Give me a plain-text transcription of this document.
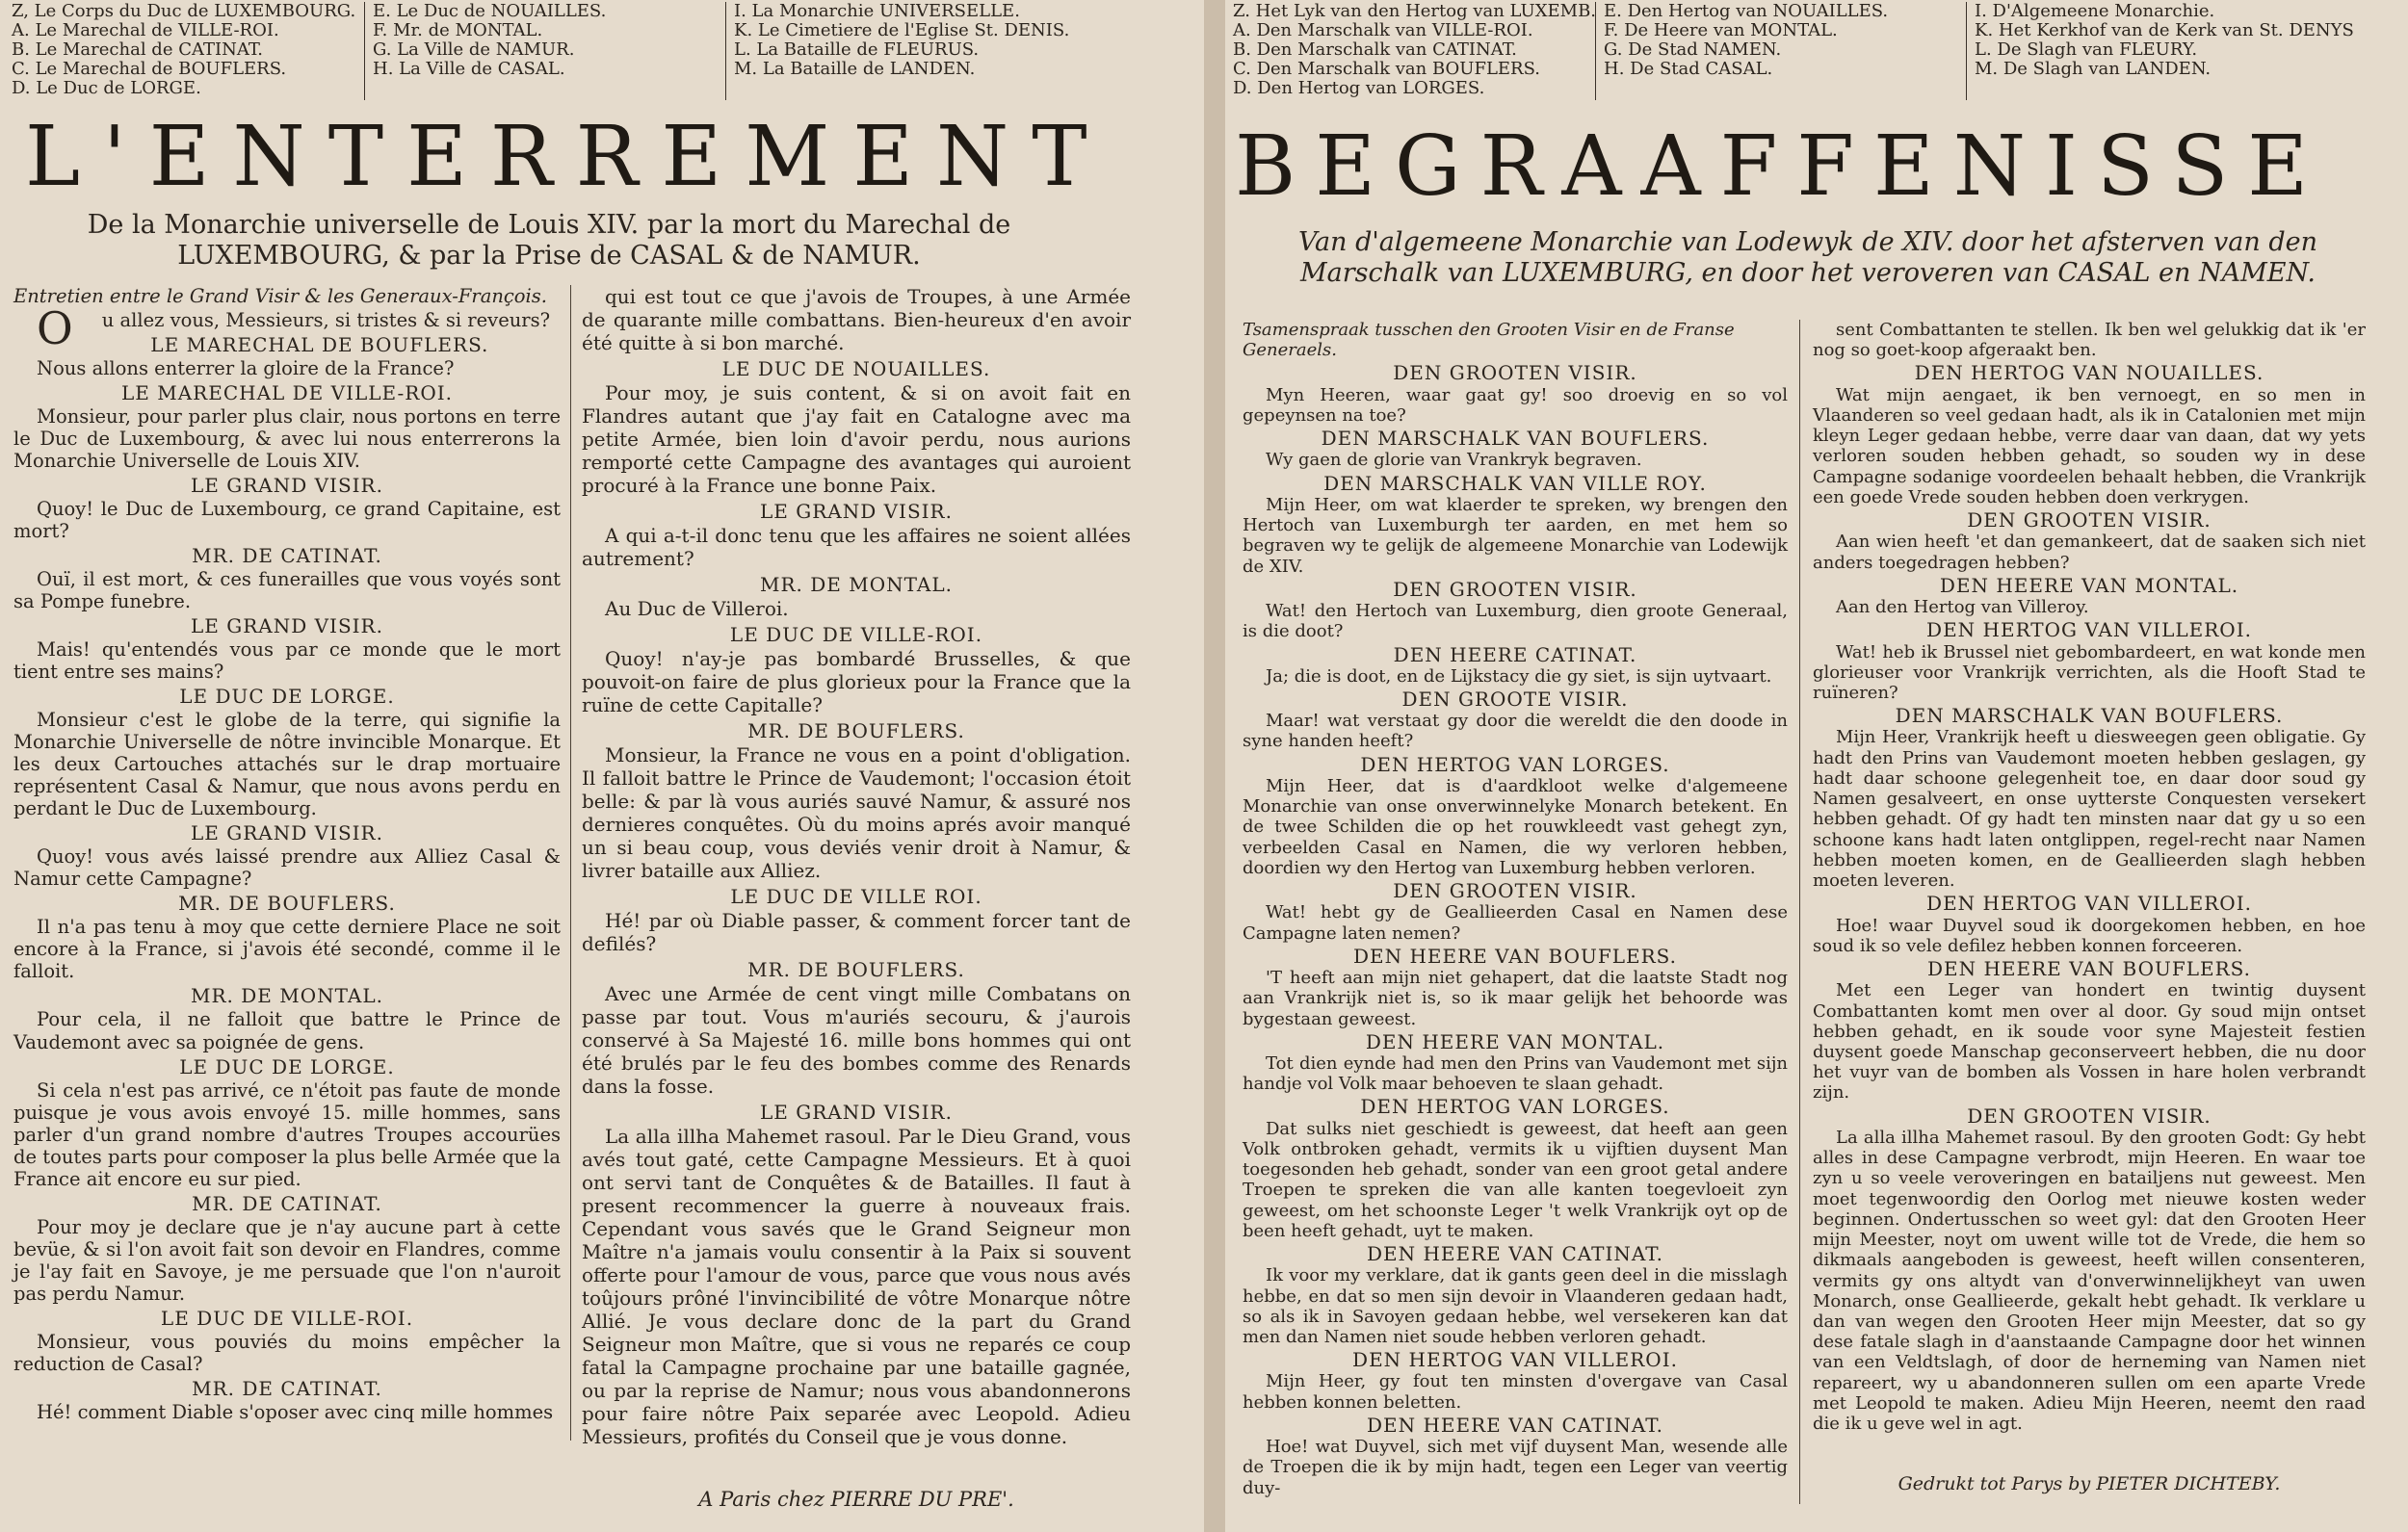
Z, Le Corps du Duc de LUXEMBOURG.
A. Le Marechal de VILLE-ROI.
B. Le Marechal de CATINAT.
C. Le Marechal de BOUFLERS.
D. Le Duc de LORGE.
E. Le Duc de NOUAILLES.
F. Mr. de MONTAL.
G. La Ville de NAMUR.
H. La Ville de CASAL.
I. La Monarchie UNIVERSELLE.
K. Le Cimetiere de l'Eglise St. DENIS.
L. La Bataille de FLEURUS.
M. La Bataille de LANDEN.
L'ENTERREMENT
De la Monarchie universelle de Louis XIV. par la mort du Marechal de
LUXEMBOURG, & par la Prise de CASAL & de NAMUR.
Entretien entre le Grand Visir & les Generaux-François.
Ou allez vous, Messieurs, si tristes & si reveurs?
LE MARECHAL DE BOUFLERS.
Nous allons enterrer la gloire de la France?
LE MARECHAL DE VILLE-ROI.
Monsieur, pour parler plus clair, nous portons en terre le Duc de Luxembourg, & avec lui nous enterrerons la Monarchie Universelle de Louis XIV.
LE GRAND VISIR.
Quoy! le Duc de Luxembourg, ce grand Capitaine, est mort?
MR. DE CATINAT.
Ouï, il est mort, & ces funerailles que vous voyés sont sa Pompe funebre.
LE GRAND VISIR.
Mais! qu'entendés vous par ce monde que le mort tient entre ses mains?
LE DUC DE LORGE.
Monsieur c'est le globe de la terre, qui signifie la Monarchie Universelle de nôtre invincible Monarque. Et les deux Cartouches attachés sur le drap mortuaire représentent Casal & Namur, que nous avons perdu en perdant le Duc de Luxembourg.
LE GRAND VISIR.
Quoy! vous avés laissé prendre aux Alliez Casal & Namur cette Campagne?
MR. DE BOUFLERS.
Il n'a pas tenu à moy que cette derniere Place ne soit encore à la France, si j'avois été secondé, comme il le falloit.
MR. DE MONTAL.
Pour cela, il ne falloit que battre le Prince de Vaudemont avec sa poignée de gens.
LE DUC DE LORGE.
Si cela n'est pas arrivé, ce n'étoit pas faute de monde puisque je vous avois envoyé 15. mille hommes, sans parler d'un grand nombre d'autres Troupes accourües de toutes parts pour composer la plus belle Armée que la France ait encore eu sur pied.
MR. DE CATINAT.
Pour moy je declare que je n'ay aucune part à cette bevüe, & si l'on avoit fait son devoir en Flandres, comme je l'ay fait en Savoye, je me persuade que l'on n'auroit pas perdu Namur.
LE DUC DE VILLE-ROI.
Monsieur, vous pouviés du moins empêcher la reduction de Casal?
MR. DE CATINAT.
Hé! comment Diable s'oposer avec cinq mille hommes
qui est tout ce que j'avois de Troupes, à une Armée de quarante mille combattans. Bien-heureux d'en avoir été quitte à si bon marché.
LE DUC DE NOUAILLES.
Pour moy, je suis content, & si on avoit fait en Flandres autant que j'ay fait en Catalogne avec ma petite Armée, bien loin d'avoir perdu, nous aurions remporté cette Campagne des avantages qui auroient procuré à la France une bonne Paix.
LE GRAND VISIR.
A qui a-t-il donc tenu que les affaires ne soient allées autrement?
MR. DE MONTAL.
Au Duc de Villeroi.
LE DUC DE VILLE-ROI.
Quoy! n'ay-je pas bombardé Brusselles, & que pouvoit-on faire de plus glorieux pour la France que la ruïne de cette Capitalle?
MR. DE BOUFLERS.
Monsieur, la France ne vous en a point d'obligation. Il falloit battre le Prince de Vaudemont; l'occasion étoit belle: & par là vous auriés sauvé Namur, & assuré nos dernieres conquêtes. Où du moins aprés avoir manqué un si beau coup, vous deviés venir droit à Namur, & livrer bataille aux Alliez.
LE DUC DE VILLE ROI.
Hé! par où Diable passer, & comment forcer tant de defilés?
MR. DE BOUFLERS.
Avec une Armée de cent vingt mille Combatans on passe par tout. Vous m'auriés secouru, & j'aurois conservé à Sa Majesté 16. mille bons hommes qui ont été brulés par le feu des bombes comme des Renards dans la fosse.
LE GRAND VISIR.
La alla illha Mahemet rasoul. Par le Dieu Grand, vous avés tout gaté, cette Campagne Messieurs. Et à quoi ont servi tant de Conquêtes & de Batailles. Il faut à present recommencer la guerre à nouveaux frais. Cependant vous savés que le Grand Seigneur mon Maître n'a jamais voulu consentir à la Paix si souvent offerte pour l'amour de vous, parce que vous nous avés toûjours prôné l'invincibilité de vôtre Monarque nôtre Allié. Je vous declare donc de la part du Grand Seigneur mon Maître, que si vous ne reparés ce coup fatal la Campagne prochaine par une bataille gagnée, ou par la reprise de Namur; nous vous abandonnerons pour faire nôtre Paix separée avec Leopold. Adieu Messieurs, profités du Conseil que je vous donne.
A Paris chez PIERRE DU PRE'.
Z. Het Lyk van den Hertog van LUXEMB.
A. Den Marschalk van VILLE-ROI.
B. Den Marschalk van CATINAT.
C. Den Marschalk van BOUFLERS.
D. Den Hertog van LORGES.
E. Den Hertog van NOUAILLES.
F. De Heere van MONTAL.
G. De Stad NAMEN.
H. De Stad CASAL.
I. D'Algemeene Monarchie.
K. Het Kerkhof van de Kerk van St. DENYS
L. De Slagh van FLEURY.
M. De Slagh van LANDEN.
BEGRAAFFENISSE
Van d'algemeene Monarchie van Lodewyk de XIV. door het afsterven van den
Marschalk van LUXEMBURG, en door het veroveren van CASAL en NAMEN.
Tsamenspraak tusschen den Grooten Visir en de Franse Generaels.
DEN GROOTEN VISIR.
Myn Heeren, waar gaat gy! soo droevig en so vol gepeynsen na toe?
DEN MARSCHALK VAN BOUFLERS.
Wy gaen de glorie van Vrankryk begraven.
DEN MARSCHALK VAN VILLE ROY.
Mijn Heer, om wat klaerder te spreken, wy brengen den Hertoch van Luxemburgh ter aarden, en met hem so begraven wy te gelijk de algemeene Monarchie van Lodewijk de XIV.
DEN GROOTEN VISIR.
Wat! den Hertoch van Luxemburg, dien groote Generaal, is die doot?
DEN HEERE CATINAT.
Ja; die is doot, en de Lijkstacy die gy siet, is sijn uytvaart.
DEN GROOTE VISIR.
Maar! wat verstaat gy door die wereldt die den doode in syne handen heeft?
DEN HERTOG VAN LORGES.
Mijn Heer, dat is d'aardkloot welke d'algemeene Monarchie van onse onverwinnelyke Monarch betekent. En de twee Schilden die op het rouwkleedt vast gehegt zyn, verbeelden Casal en Namen, die wy verloren hebben, doordien wy den Hertog van Luxemburg hebben verloren.
DEN GROOTEN VISIR.
Wat! hebt gy de Geallieerden Casal en Namen dese Campagne laten nemen?
DEN HEERE VAN BOUFLERS.
'T heeft aan mijn niet gehapert, dat die laatste Stadt nog aan Vrankrijk niet is, so ik maar gelijk het behoorde was bygestaan geweest.
DEN HEERE VAN MONTAL.
Tot dien eynde had men den Prins van Vaudemont met sijn handje vol Volk maar behoeven te slaan gehadt.
DEN HERTOG VAN LORGES.
Dat sulks niet geschiedt is geweest, dat heeft aan geen Volk ontbroken gehadt, vermits ik u vijftien duysent Man toegesonden heb gehadt, sonder van een groot getal andere Troepen te spreken die van alle kanten toegevloeit zyn geweest, om het schoonste Leger 't welk Vrankrijk oyt op de been heeft gehadt, uyt te maken.
DEN HEERE VAN CATINAT.
Ik voor my verklare, dat ik gants geen deel in die misslagh hebbe, en dat so men sijn devoir in Vlaanderen gedaan hadt, so als ik in Savoyen gedaan hebbe, wel versekeren kan dat men dan Namen niet soude hebben verloren gehadt.
DEN HERTOG VAN VILLEROI.
Mijn Heer, gy fout ten minsten d'overgave van Casal hebben konnen beletten.
DEN HEERE VAN CATINAT.
Hoe! wat Duyvel, sich met vijf duysent Man, wesende alle de Troepen die ik by mijn hadt, tegen een Leger van veertig duy-
sent Combattanten te stellen. Ik ben wel gelukkig dat ik 'er nog so goet-koop afgeraakt ben.
DEN HERTOG VAN NOUAILLES.
Wat mijn aengaet, ik ben vernoegt, en so men in Vlaanderen so veel gedaan hadt, als ik in Catalonien met mijn kleyn Leger gedaan hebbe, verre daar van daan, dat wy yets verloren souden hebben gehadt, so souden wy in dese Campagne sodanige voordeelen behaalt hebben, die Vrankrijk een goede Vrede souden hebben doen verkrygen.
DEN GROOTEN VISIR.
Aan wien heeft 'et dan gemankeert, dat de saaken sich niet anders toegedragen hebben?
DEN HEERE VAN MONTAL.
Aan den Hertog van Villeroy.
DEN HERTOG VAN VILLEROI.
Wat! heb ik Brussel niet gebombardeert, en wat konde men glorieuser voor Vrankrijk verrichten, als die Hooft Stad te ruïneren?
DEN MARSCHALK VAN BOUFLERS.
Mijn Heer, Vrankrijk heeft u diesweegen geen obligatie. Gy hadt den Prins van Vaudemont moeten hebben geslagen, gy hadt daar schoone gelegenheit toe, en daar door soud gy Namen gesalveert, en onse uytterste Conquesten versekert hebben gehadt. Of gy hadt ten minsten naar dat gy u so een schoone kans hadt laten ontglippen, regel-recht naar Namen hebben moeten komen, en de Geallieerden slagh hebben moeten leveren.
DEN HERTOG VAN VILLEROI.
Hoe! waar Duyvel soud ik doorgekomen hebben, en hoe soud ik so vele defilez hebben konnen forceeren.
DEN HEERE VAN BOUFLERS.
Met een Leger van hondert en twintig duysent Combattanten komt men over al door. Gy soud mijn ontset hebben gehadt, en ik soude voor syne Majesteit festien duysent goede Manschap geconserveert hebben, die nu door het vuyr van de bomben als Vossen in hare holen verbrandt zijn.
DEN GROOTEN VISIR.
La alla illha Mahemet rasoul. By den grooten Godt: Gy hebt alles in dese Campagne verbrodt, mijn Heeren. En waar toe zyn u so veele veroveringen en batailjens nut geweest. Men moet tegenwoordig den Oorlog met nieuwe kosten weder beginnen. Ondertusschen so weet gyl: dat den Grooten Heer mijn Meester, noyt om uwent wille tot de Vrede, die hem so dikmaals aangeboden is geweest, heeft willen consenteren, vermits gy ons altydt van d'onverwinnelijkheyt van uwen Monarch, onse Geallieerde, gekalt hebt gehadt. Ik verklare u dan van wegen den Grooten Heer mijn Meester, dat so gy dese fatale slagh in d'aanstaande Campagne door het winnen van een Veldtslagh, of door de herneming van Namen niet repareert, wy u abandonneren sullen om een aparte Vrede met Leopold te maken. Adieu Mijn Heeren, neemt den raad die ik u geve wel in agt.
Gedrukt tot Parys by PIETER DICHTEBY.
